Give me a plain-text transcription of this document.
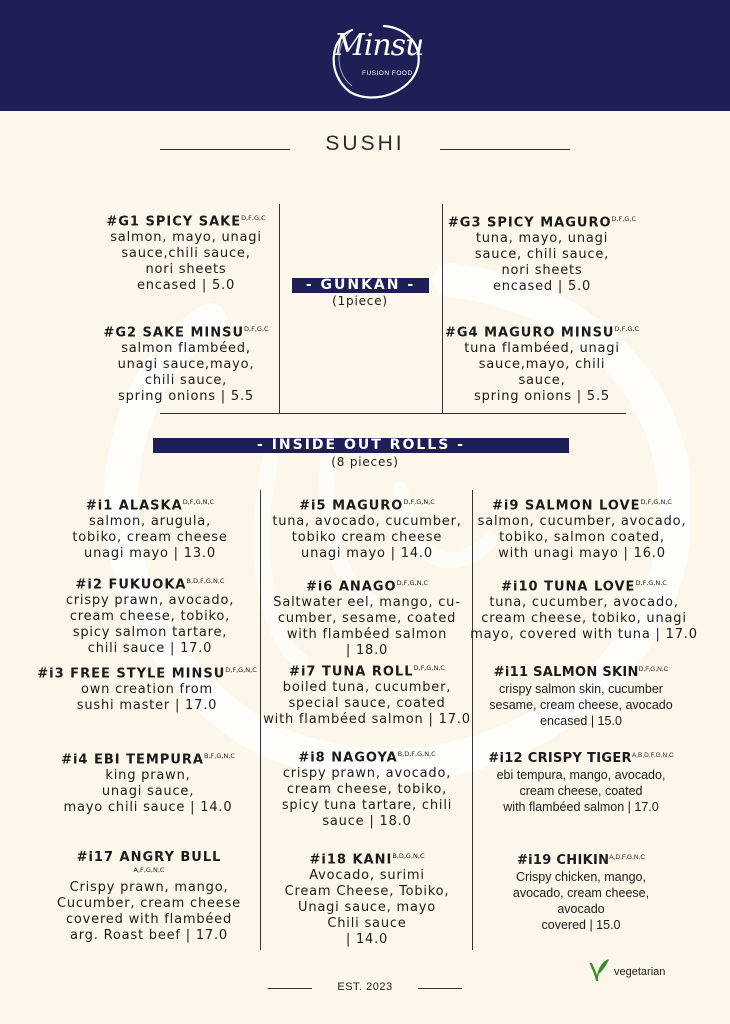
Minsu
FUSION FOOD
SUSHI
- GUNKAN -
(1piece)
#G1 SPICY $SAKE^{D,F,G,C}$
salmon, mayo, unagi
sauce,chili sauce,
nori sheets
encased | 5.0
#G2 SAKE $MINSU^{D,F,G,C}$
salmon flambéed,
unagi sauce,mayo,
chili sauce,
spring onions | 5.5
#G3 SPICY $MAGURO^{D,F,G,C}$
tuna, mayo, unagi
sauce, chili sauce,
nori sheets
encased | 5.0
#G4 MAGURO $MINSU^{D,F,G,C}$
tuna flambéed, unagi
sauce,mayo, chili
sauce,
spring onions | 5.5
- INSIDE OUT ROLLS -
(8 pieces)
#i1 $ALASKA^{D,F,G,N,C}$
salmon, arugula,
tobiko, cream cheese
unagi mayo | 13.0
#i2 $FUKUOKA^{B,D,F,G,N,C}$
crispy prawn, avocado,
cream cheese, tobiko,
spicy salmon tartare,
chili sauce | 17.0
#i3 FREE STYLE $MINSU^{D,F,G,N,C}$
own creation from
sushi master | 17.0
#i4 EBI $TEMPURA^{B,F,G,N,C}$
king prawn,
unagi sauce,
mayo chili sauce | 14.0
#i17 ANGRY BULL
A,F,G,N,C
Crispy prawn, mango,
Cucumber, cream cheese
covered with flambéed
arg. Roast beef | 17.0
#i5 $MAGURO^{D,F,G,N,C}$
tuna, avocado, cucumber,
tobiko cream cheese
unagi mayo | 14.0
#i6 $ANAGO^{D,F,G,N,C}$
Saltwater eel, mango, cu-
cumber, sesame, coated
with flambéed salmon
| 18.0
#i7 TUNA $ROLL^{D,F,G,N,C}$
boiled tuna, cucumber,
special sauce, coated
with flambéed salmon | 17.0
#i8 $NAGOYA^{B,D,F,G,N,C}$
crispy prawn, avocado,
cream cheese, tobiko,
spicy tuna tartare, chili
sauce | 18.0
#i18 $KANI^{B,D,G,N,C}$
Avocado, surimi
Cream Cheese, Tobiko,
Unagi sauce, mayo
Chili sauce
| 14.0
#i9 SALMON $LOVE^{D,F,G,N,C}$
salmon, cucumber, avocado,
tobiko, salmon coated,
with unagi mayo | 16.0
#i10 TUNA $LOVE^{D,F,G,N,C}$
tuna, cucumber, avocado,
cream cheese, tobiko, unagi
mayo, covered with tuna | 17.0
#i11 SALMON $SKIN^{D,F,G,N,C}$
crispy salmon skin, cucumber
sesame, cream cheese, avocado
encased | 15.0
#i12 CRISPY $TIGER^{A,B,D,F,G,N,C}$
ebi tempura, mango, avocado,
cream cheese, coated
with flambéed salmon | 17.0
#i19 $CHIKIN^{A,D,F,G,N,C}$
Crispy chicken, mango,
avocado, cream cheese,
avocado
covered | 15.0
EST. 2023
vegetarian
